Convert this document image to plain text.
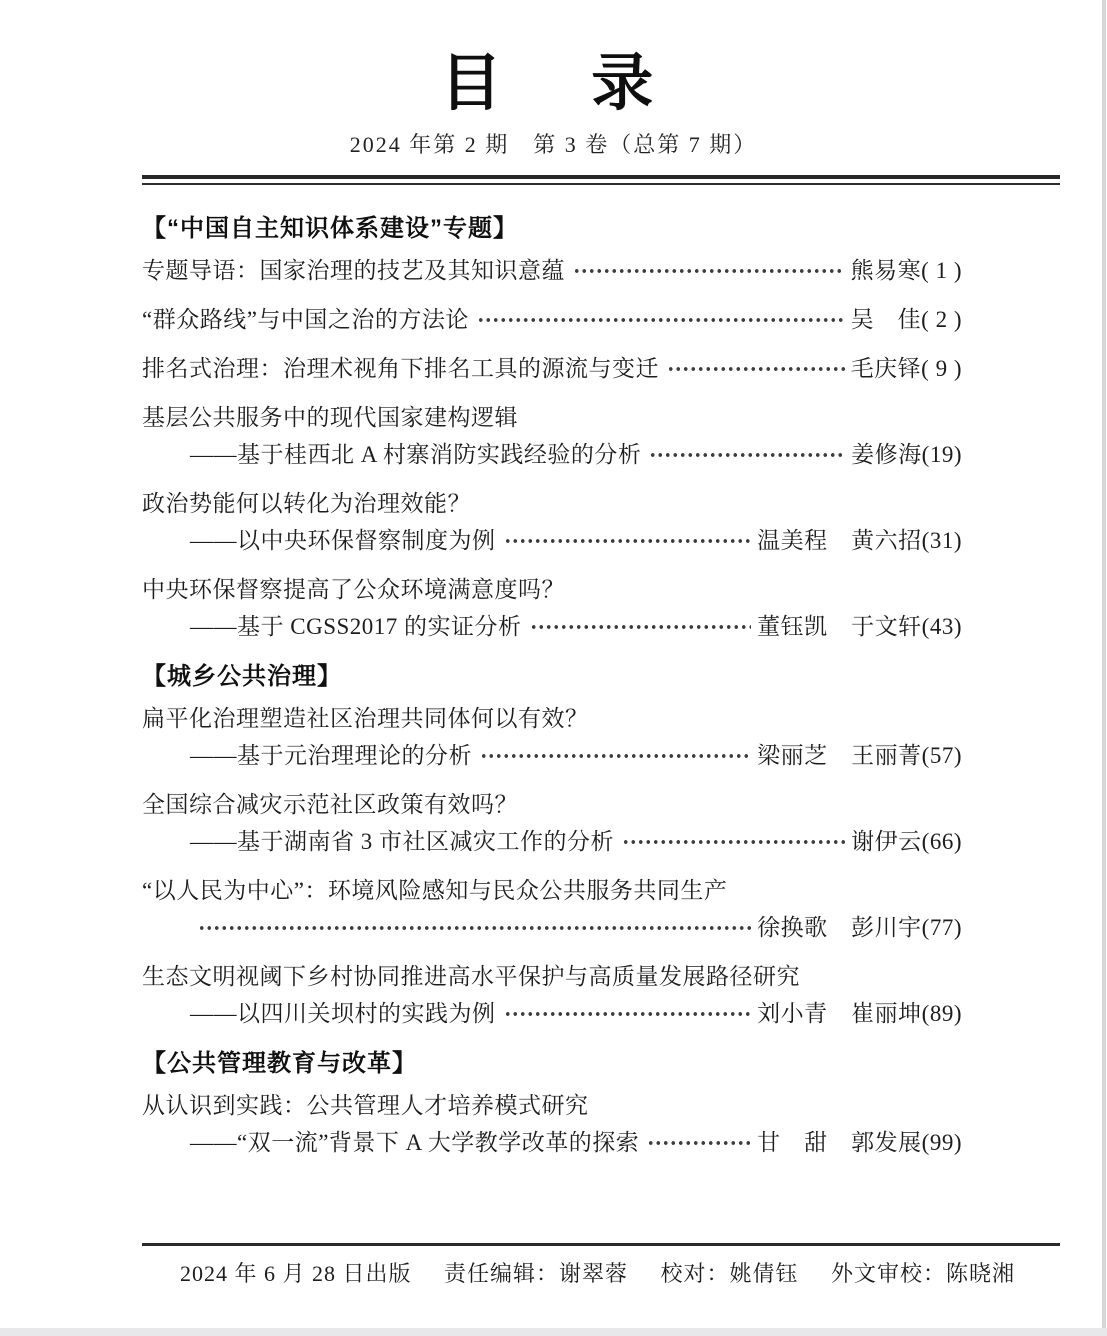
目　录
2024 年第 2 期　第 3 卷（总第 7 期）
【“中国自主知识体系建设”专题】
专题导语：国家治理的技艺及其知识意蕴	熊易寒( 1 )
“群众路线”与中国之治的方法论	吴　佳( 2 )
排名式治理：治理术视角下排名工具的源流与变迁	毛庆铎( 9 )
基层公共服务中的现代国家建构逻辑
——基于桂西北 A 村寨消防实践经验的分析	姜修海(19)
政治势能何以转化为治理效能？
——以中央环保督察制度为例	温美程　黄六招(31)
中央环保督察提高了公众环境满意度吗？
——基于 CGSS2017 的实证分析	董钰凯　于文轩(43)
【城乡公共治理】
扁平化治理塑造社区治理共同体何以有效？
——基于元治理理论的分析	梁丽芝　王丽菁(57)
全国综合减灾示范社区政策有效吗？
——基于湖南省 3 市社区减灾工作的分析	谢伊云(66)
“以人民为中心”：环境风险感知与民众公共服务共同生产
徐换歌　彭川宇(77)
生态文明视阈下乡村协同推进高水平保护与高质量发展路径研究
——以四川关坝村的实践为例	刘小青　崔丽坤(89)
【公共管理教育与改革】
从认识到实践：公共管理人才培养模式研究
——“双一流”背景下 A 大学教学改革的探索	甘　甜　郭发展(99)
2024 年 6 月 28 日出版 责任编辑：谢翠蓉 校对：姚倩钰 外文审校：陈晓湘
